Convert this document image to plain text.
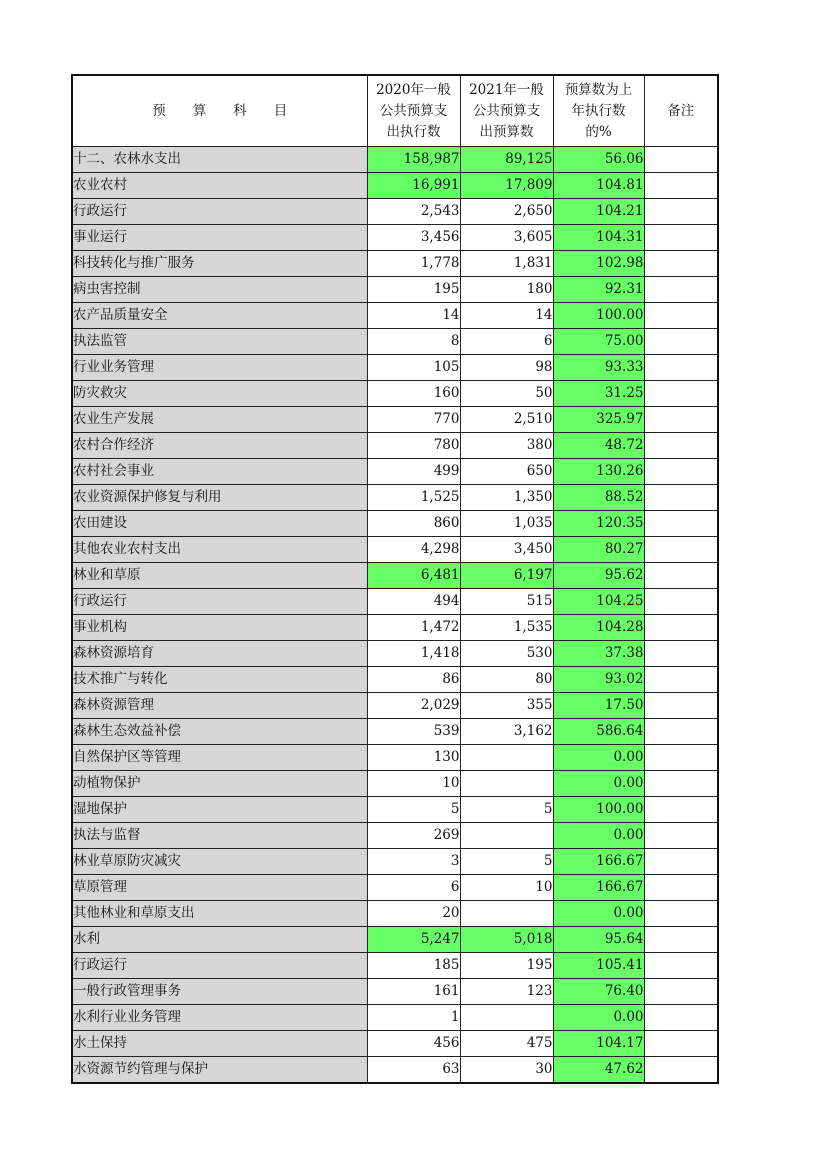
预　　算　　科　　目	2020年一般
公共预算支
出执行数	2021年一般
公共预算支
出预算数	预算数为上
年执行数
的%	备注
十二、农林水支出	158,987	89,125	56.06	
农业农村	16,991	17,809	104.81	
行政运行	2,543	2,650	104.21	
事业运行	3,456	3,605	104.31	
科技转化与推广服务	1,778	1,831	102.98	
病虫害控制	195	180	92.31	
农产品质量安全	14	14	100.00	
执法监管	8	6	75.00	
行业业务管理	105	98	93.33	
防灾救灾	160	50	31.25	
农业生产发展	770	2,510	325.97	
农村合作经济	780	380	48.72	
农村社会事业	499	650	130.26	
农业资源保护修复与利用	1,525	1,350	88.52	
农田建设	860	1,035	120.35	
其他农业农村支出	4,298	3,450	80.27	
林业和草原	6,481	6,197	95.62	
行政运行	494	515	104.25	
事业机构	1,472	1,535	104.28	
森林资源培育	1,418	530	37.38	
技术推广与转化	86	80	93.02	
森林资源管理	2,029	355	17.50	
森林生态效益补偿	539	3,162	586.64	
自然保护区等管理	130		0.00	
动植物保护	10		0.00	
湿地保护	5	5	100.00	
执法与监督	269		0.00	
林业草原防灾减灾	3	5	166.67	
草原管理	6	10	166.67	
其他林业和草原支出	20		0.00	
水利	5,247	5,018	95.64	
行政运行	185	195	105.41	
一般行政管理事务	161	123	76.40	
水利行业业务管理	1		0.00	
水土保持	456	475	104.17	
水资源节约管理与保护	63	30	47.62	
